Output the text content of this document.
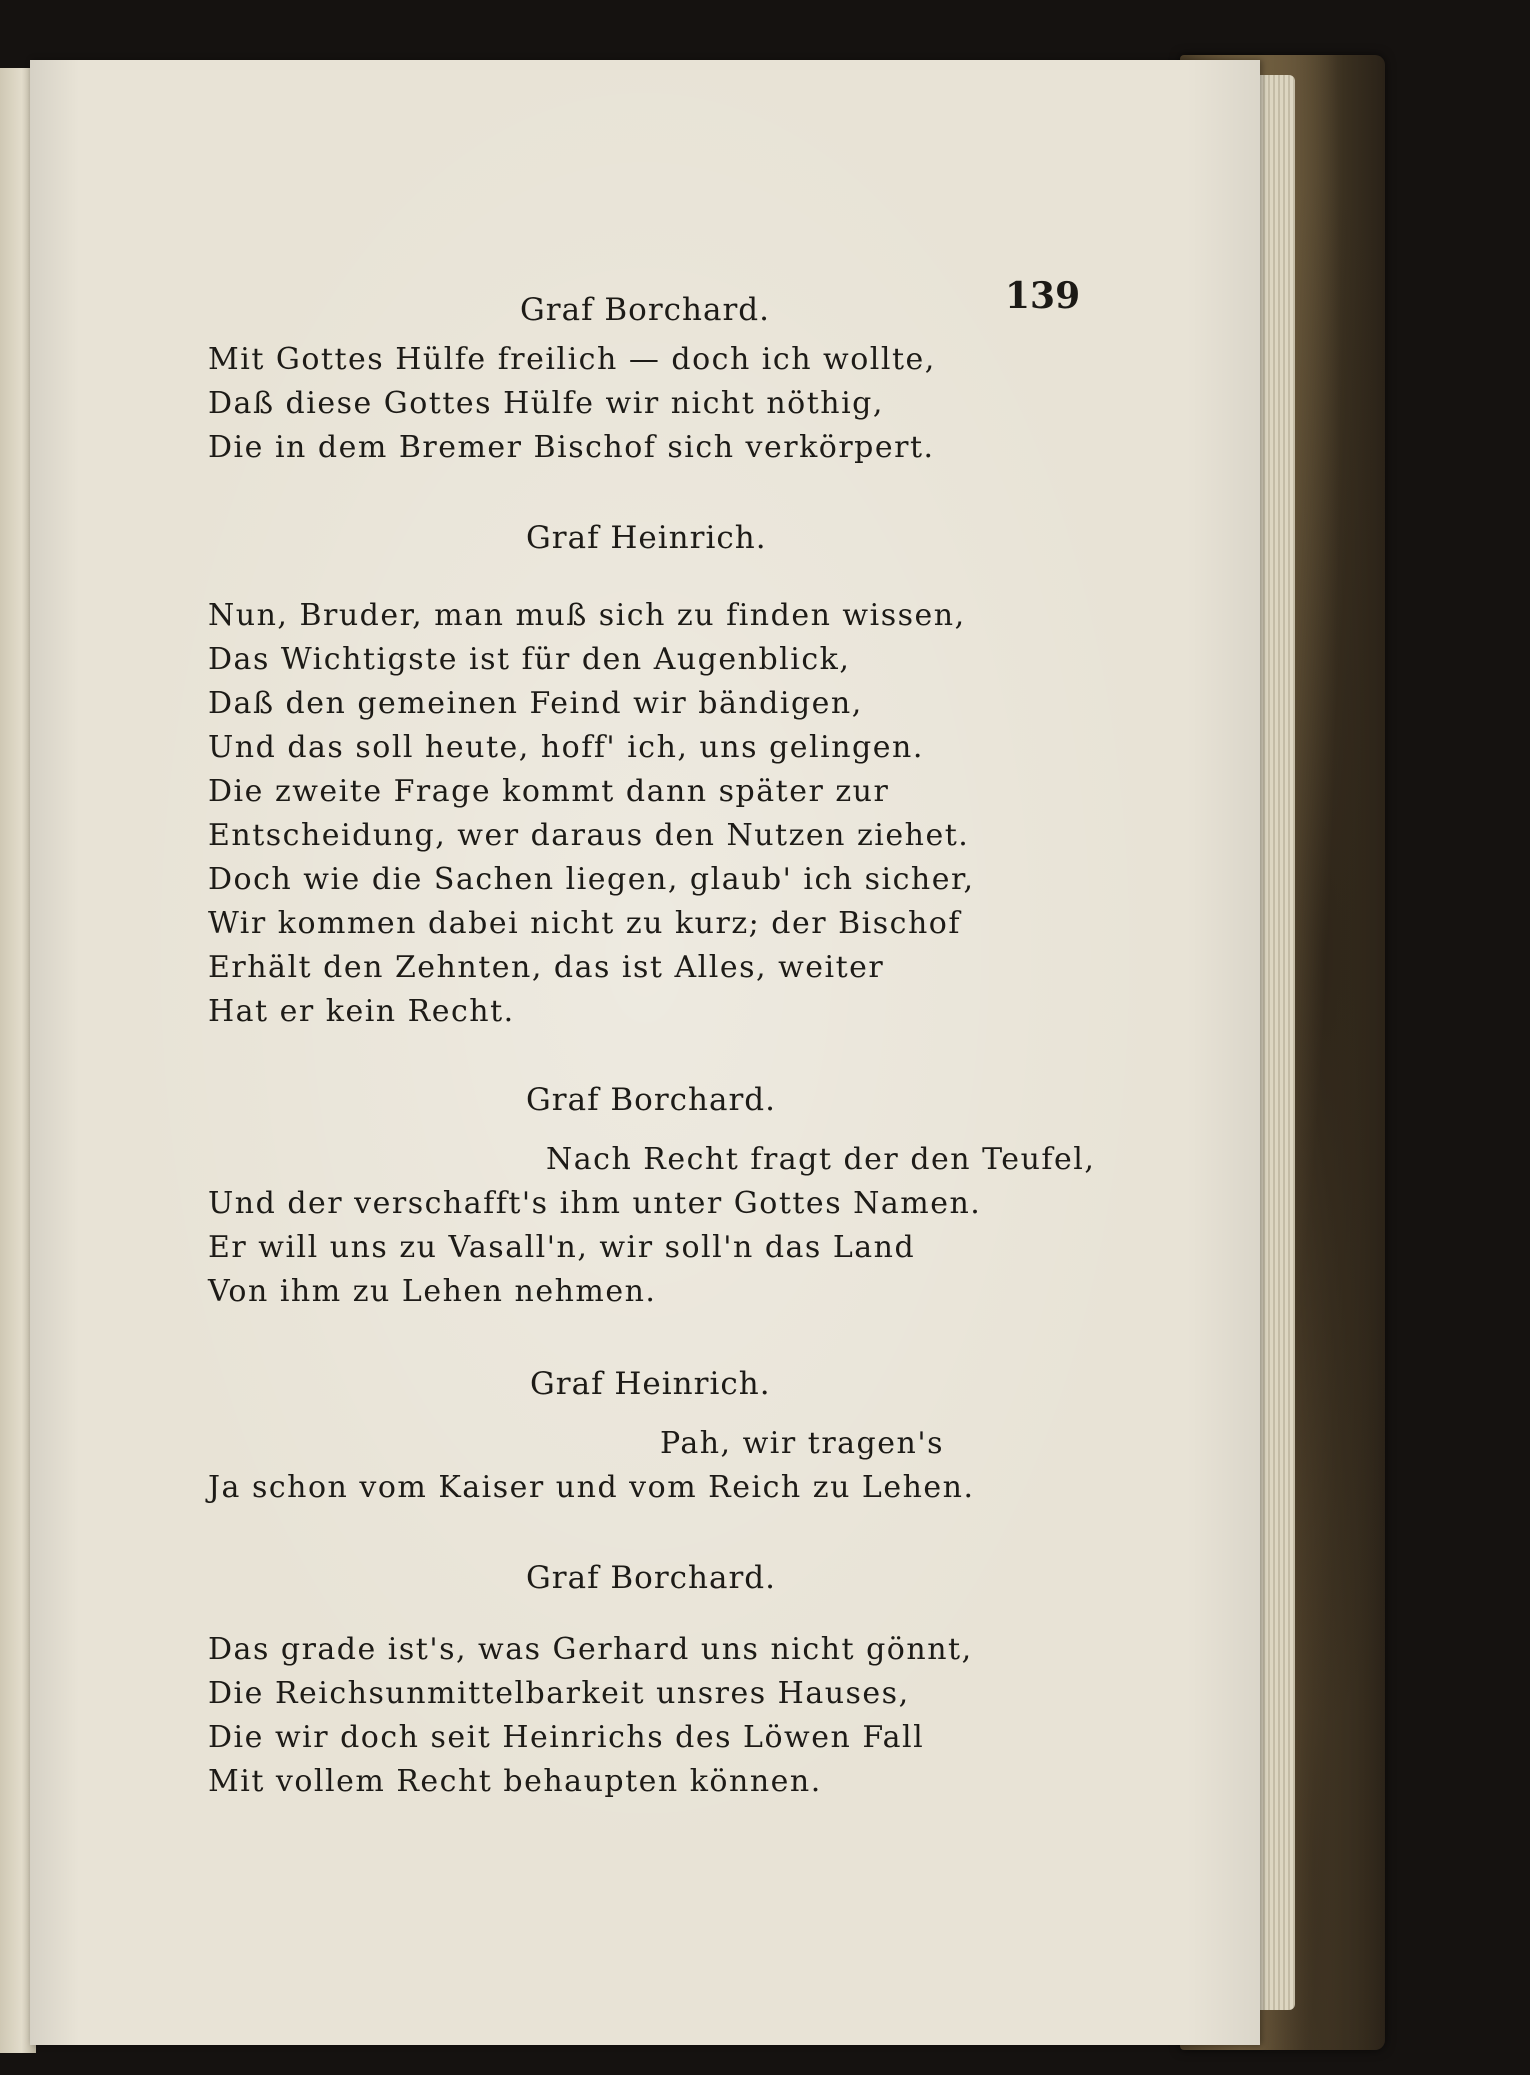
139
Graf Borchard.
Mit Gottes Hülfe freilich — doch ich wollte,
Daß diese Gottes Hülfe wir nicht nöthig,
Die in dem Bremer Bischof sich verkörpert.
Graf Heinrich.
Nun, Bruder, man muß sich zu finden wissen,
Das Wichtigste ist für den Augenblick,
Daß den gemeinen Feind wir bändigen,
Und das soll heute, hoff' ich, uns gelingen.
Die zweite Frage kommt dann später zur
Entscheidung, wer daraus den Nutzen ziehet.
Doch wie die Sachen liegen, glaub' ich sicher,
Wir kommen dabei nicht zu kurz; der Bischof
Erhält den Zehnten, das ist Alles, weiter
Hat er kein Recht.
Graf Borchard.
Nach Recht fragt der den Teufel,
Und der verschafft's ihm unter Gottes Namen.
Er will uns zu Vasall'n, wir soll'n das Land
Von ihm zu Lehen nehmen.
Graf Heinrich.
Pah, wir tragen's
Ja schon vom Kaiser und vom Reich zu Lehen.
Graf Borchard.
Das grade ist's, was Gerhard uns nicht gönnt,
Die Reichsunmittelbarkeit unsres Hauses,
Die wir doch seit Heinrichs des Löwen Fall
Mit vollem Recht behaupten können.
